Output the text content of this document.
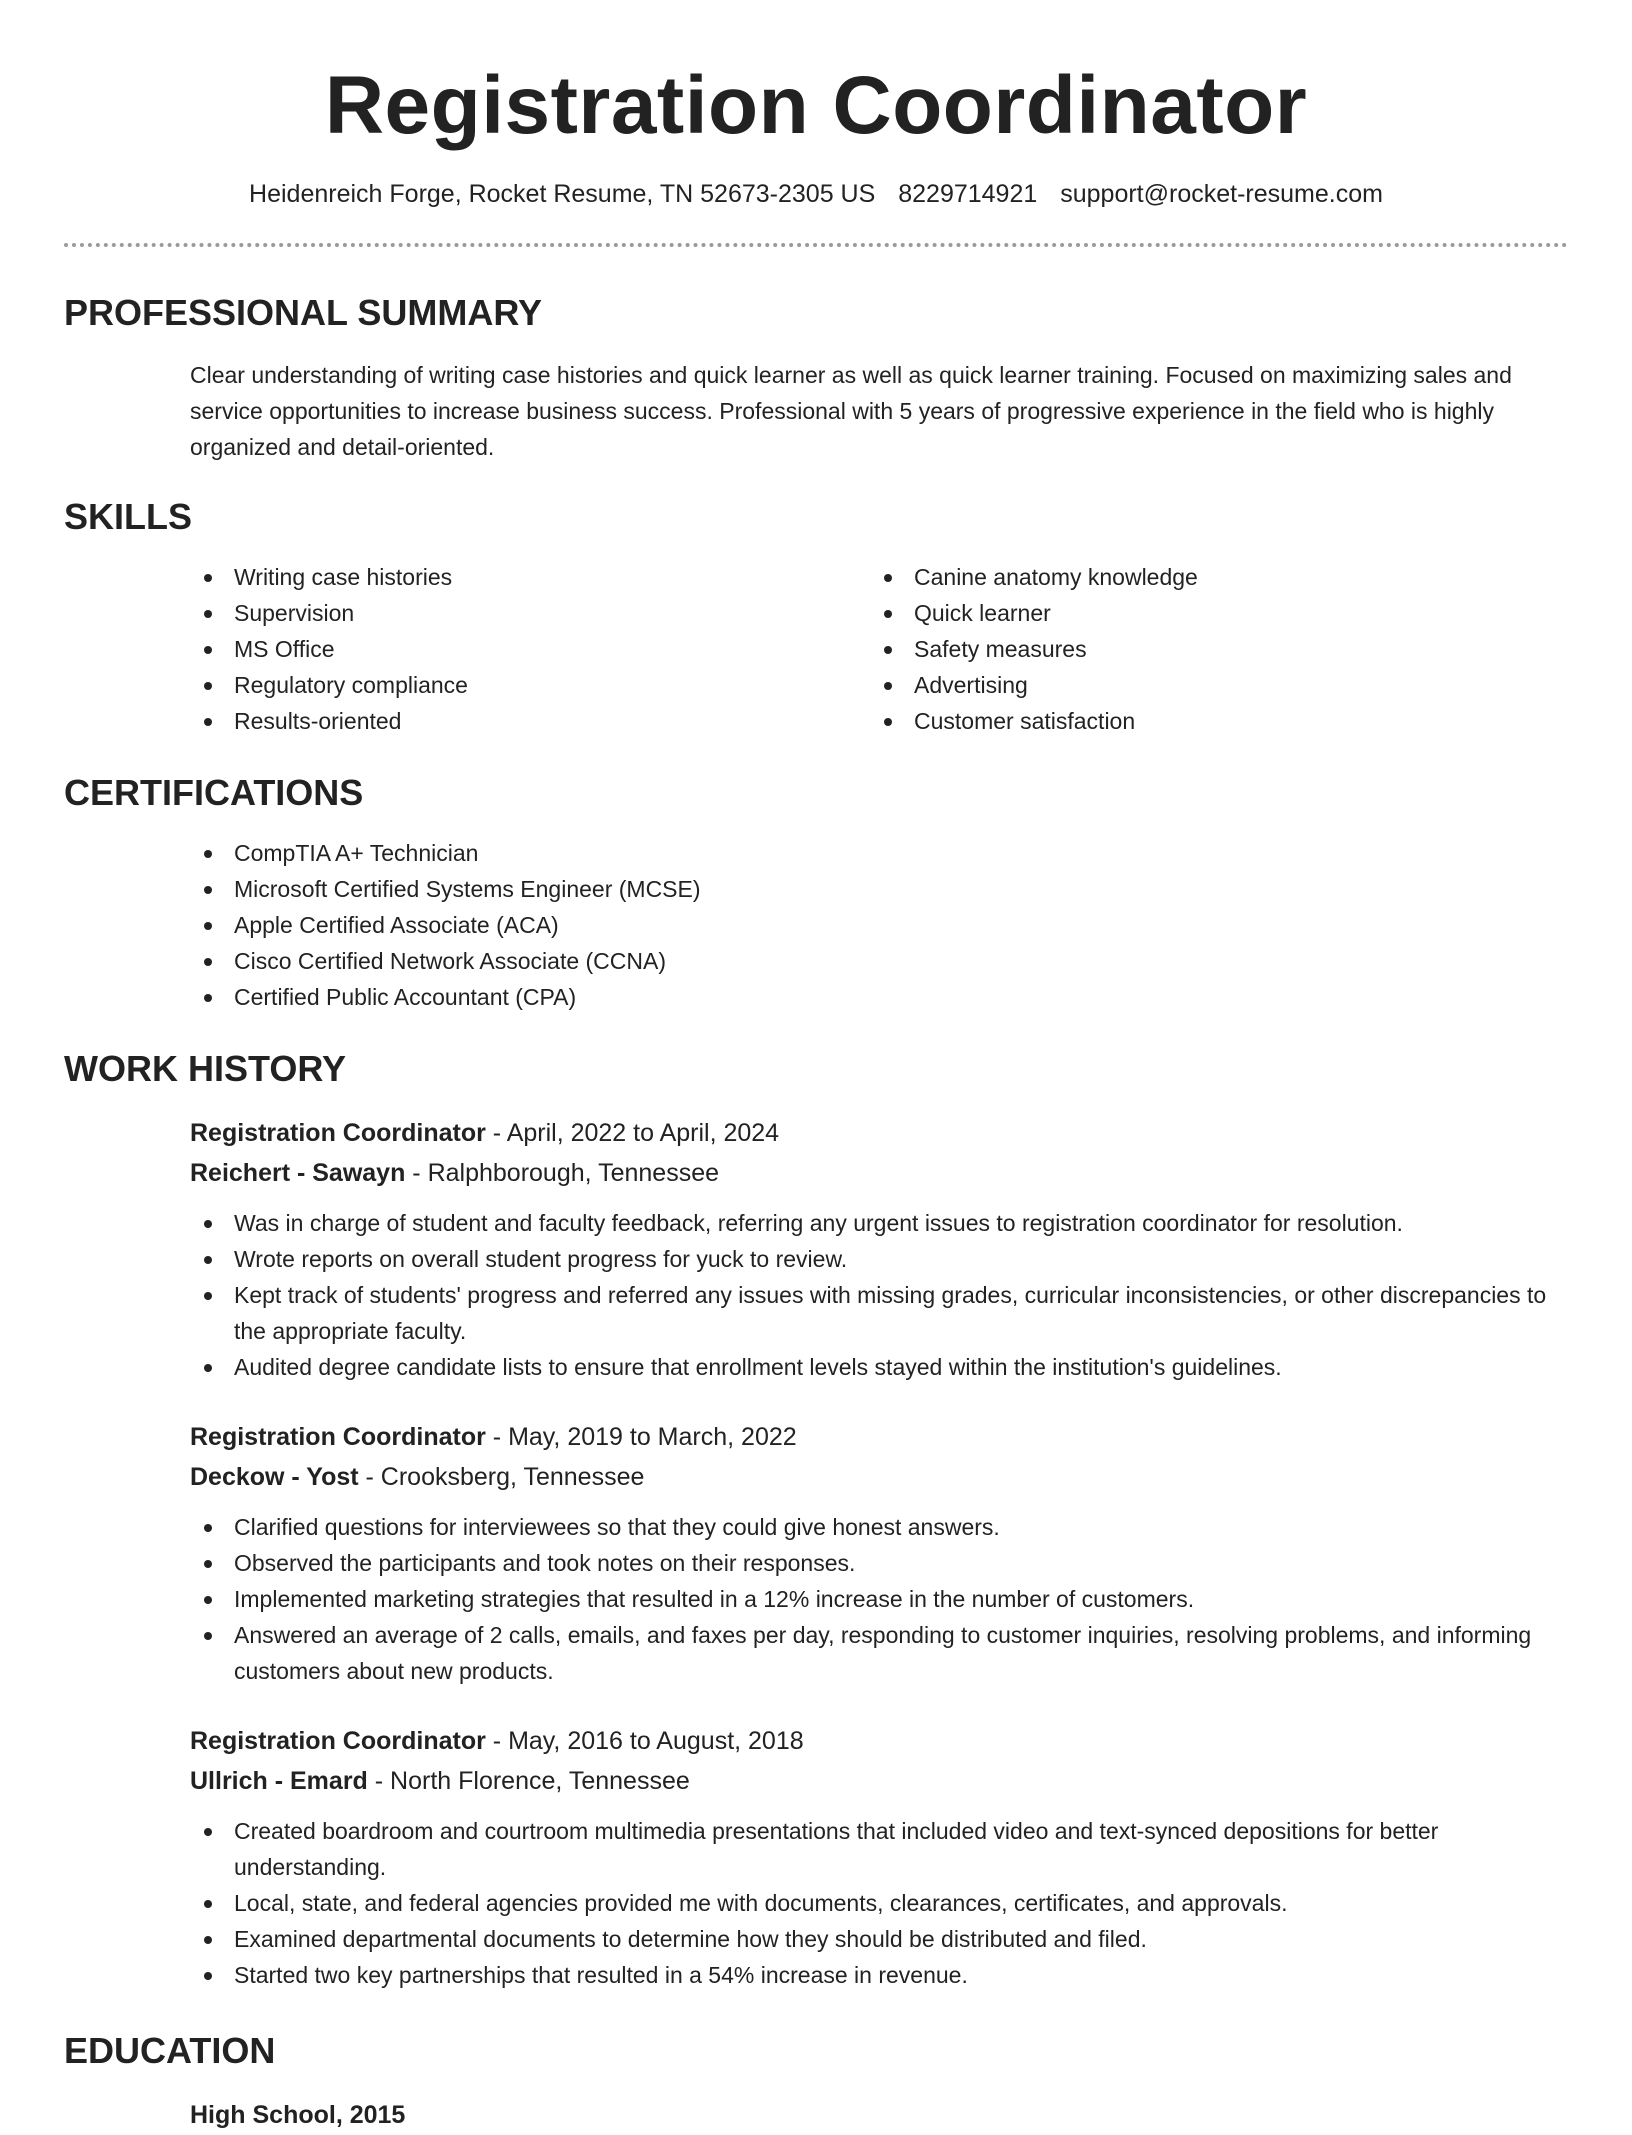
Registration Coordinator
Heidenreich Forge, Rocket Resume, TN 52673-2305 US 8229714921 support@rocket-resume.com
PROFESSIONAL SUMMARY
Clear understanding of writing case histories and quick learner as well as quick learner training. Focused on maximizing sales and service opportunities to increase business success. Professional with 5 years of progressive experience in the field who is highly organized and detail-oriented.
SKILLS
Writing case histories
Supervision
MS Office
Regulatory compliance
Results-oriented
Canine anatomy knowledge
Quick learner
Safety measures
Advertising
Customer satisfaction
CERTIFICATIONS
CompTIA A+ Technician
Microsoft Certified Systems Engineer (MCSE)
Apple Certified Associate (ACA)
Cisco Certified Network Associate (CCNA)
Certified Public Accountant (CPA)
WORK HISTORY
Registration Coordinator - April, 2022 to April, 2024
Reichert - Sawayn - Ralphborough, Tennessee
Was in charge of student and faculty feedback, referring any urgent issues to registration coordinator for resolution.
Wrote reports on overall student progress for yuck to review.
Kept track of students' progress and referred any issues with missing grades, curricular inconsistencies, or other discrepancies to the appropriate faculty.
Audited degree candidate lists to ensure that enrollment levels stayed within the institution's guidelines.
Registration Coordinator - May, 2019 to March, 2022
Deckow - Yost - Crooksberg, Tennessee
Clarified questions for interviewees so that they could give honest answers.
Observed the participants and took notes on their responses.
Implemented marketing strategies that resulted in a 12% increase in the number of customers.
Answered an average of 2 calls, emails, and faxes per day, responding to customer inquiries, resolving problems, and informing customers about new products.
Registration Coordinator - May, 2016 to August, 2018
Ullrich - Emard - North Florence, Tennessee
Created boardroom and courtroom multimedia presentations that included video and text-synced depositions for better understanding.
Local, state, and federal agencies provided me with documents, clearances, certificates, and approvals.
Examined departmental documents to determine how they should be distributed and filed.
Started two key partnerships that resulted in a 54% increase in revenue.
EDUCATION
High School, 2015
